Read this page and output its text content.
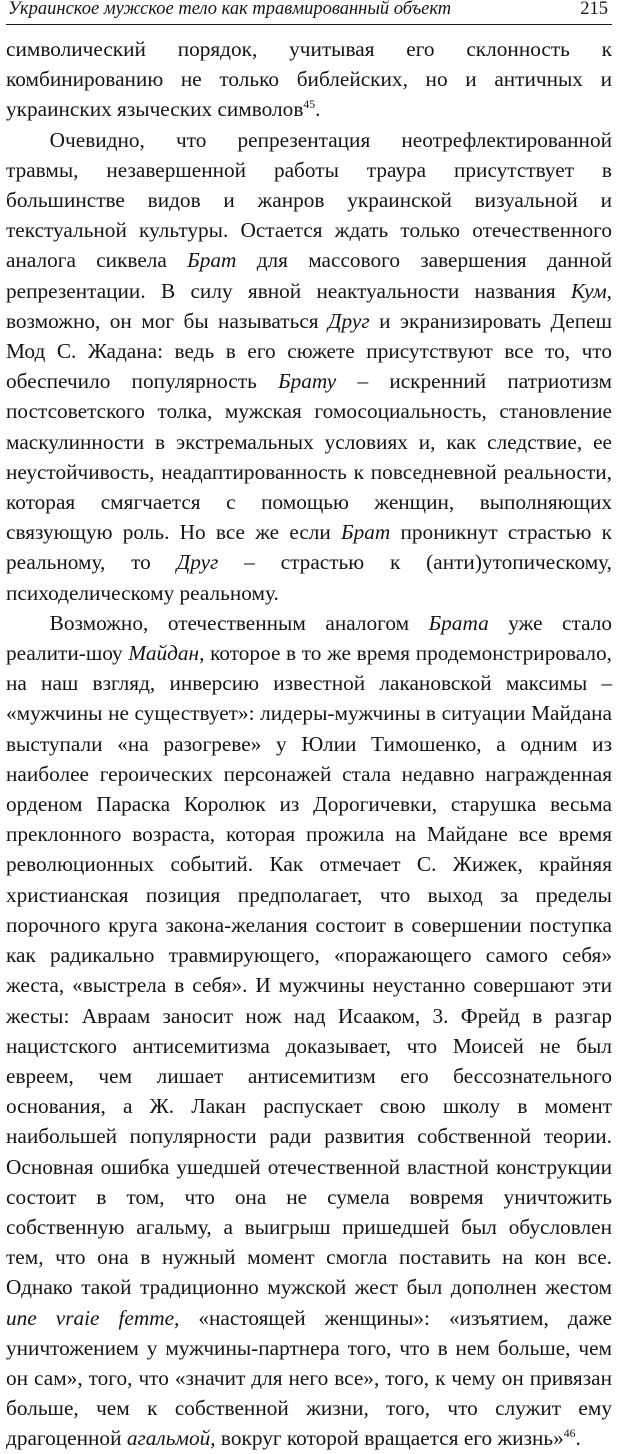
Украинское мужское тело как травмированный объект	215

символический порядок, учитывая его склонность к комбинированию не только библейских, но и античных и украинских языческих символов$^{45}$.

Очевидно, что репрезентация неотрефлектированной травмы, незавершенной работы траура присутствует в большинстве видов и жанров украинской визуальной и текстуальной культуры. Остается ждать только отечественного аналога сиквела Брат для массового завершения данной репрезентации. В силу явной неактуальности названия Кум, возможно, он мог бы называться Друг и экранизировать Депеш Мод С. Жадана: ведь в его сюжете присутствуют все то, что обеспечило популярность Брату – искренний патриотизм постсоветского толка, мужская гомосоциальность, становление маскулинности в экстремальных условиях и, как следствие, ее неустойчивость, неадаптированность к повседневной реальности, которая смягчается с помощью женщин, выполняющих связующую роль. Но все же если Брат проникнут страстью к реальному, то Друг – страстью к (анти)утопическому, психоделическому реальному.

Возможно, отечественным аналогом Брата уже стало реалити-шоу Майдан, которое в то же время продемонстрировало, на наш взгляд, инверсию известной лакановской максимы – «мужчины не существует»: лидеры-мужчины в ситуации Майдана выступали «на разогреве» у Юлии Тимошенко, а одним из наиболее героических персонажей стала недавно награжденная орденом Параска Королюк из Дорогичевки, старушка весьма преклонного возраста, которая прожила на Майдане все время революционных событий. Как отмечает С. Жижек, крайняя христианская позиция предполагает, что выход за пределы порочного круга закона-желания состоит в совершении поступка как радикально травмирующего, «поражающего самого себя» жеста, «выстрела в себя». И мужчины неустанно совершают эти жесты: Авраам заносит нож над Исааком, 3. Фрейд в разгар нацистского антисемитизма доказывает, что Моисей не был евреем, чем лишает антисемитизм его бессознательного основания, а Ж. Лакан распускает свою школу в момент наибольшей популярности ради развития собственной теории. Основная ошибка ушедшей отечественной властной конструкции состоит в том, что она не сумела вовремя уничтожить собственную агальму, а выигрыш пришедшей был обусловлен тем, что она в нужный момент смогла поставить на кон все. Однако такой традиционно мужской жест был дополнен жестом une vraie femme, «настоящей женщины»: «изъятием, даже уничтожением у мужчины-партнера того, что в нем больше, чем он сам», того, что «значит для него все», того, к чему он привязан больше, чем к собственной жизни, того, что служит ему драгоценной агальмой, вокруг которой вращается его жизнь»$^{46}$.
